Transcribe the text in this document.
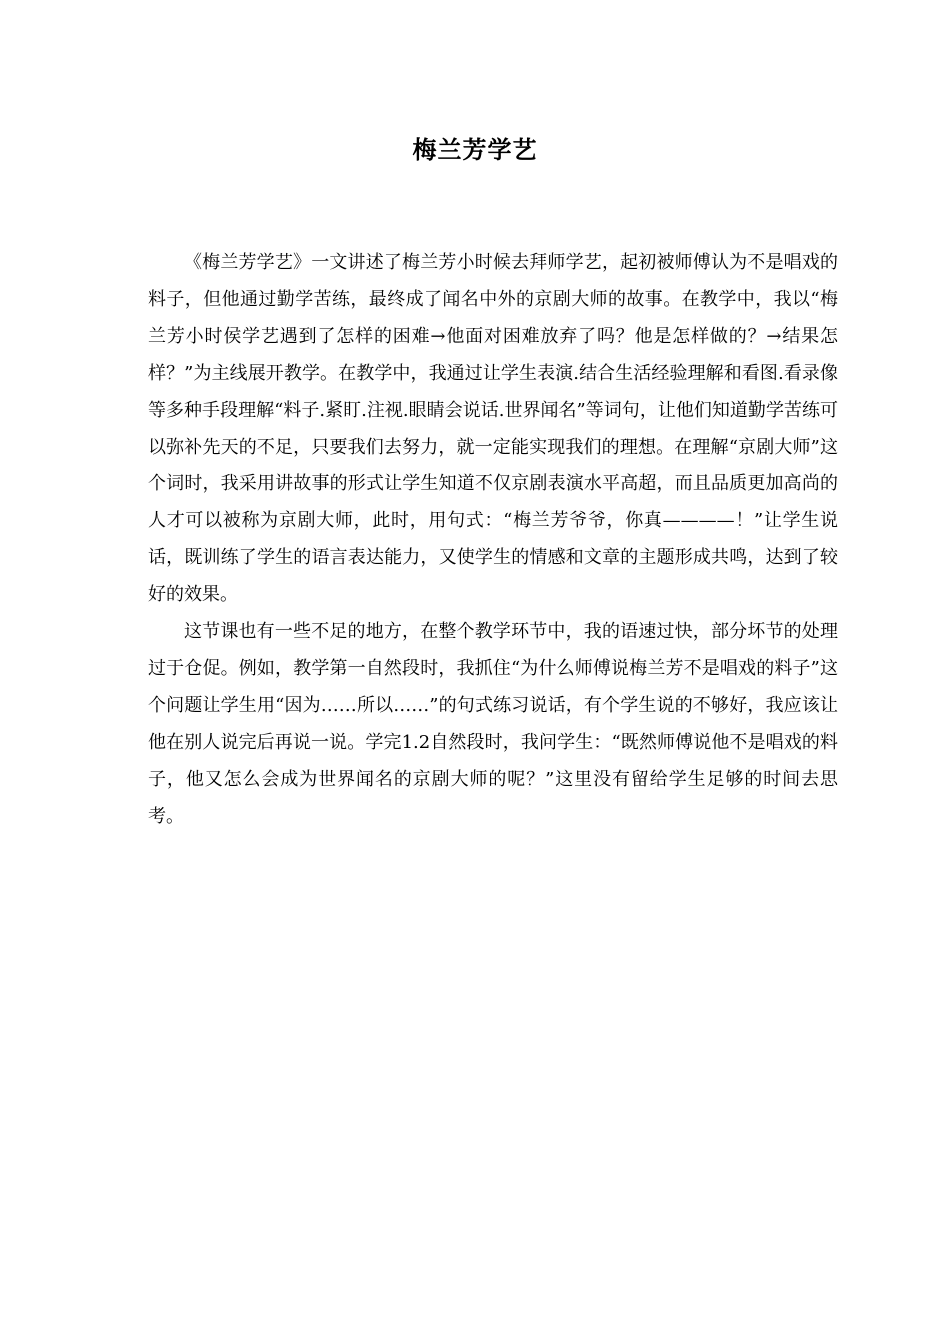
梅兰芳学艺

《梅兰芳学艺》一文讲述了梅兰芳小时候去拜师学艺，起初被师傅认为不是唱戏的料子，但他通过勤学苦练，最终成了闻名中外的京剧大师的故事。在教学中，我以“梅兰芳小时侯学艺遇到了怎样的困难→他面对困难放弃了吗？他是怎样做的？→结果怎样？”为主线展开教学。在教学中，我通过让学生表演.结合生活经验理解和看图.看录像等多种手段理解“料子.紧盯.注视.眼睛会说话.世界闻名”等词句，让他们知道勤学苦练可以弥补先天的不足，只要我们去努力，就一定能实现我们的理想。在理解“京剧大师”这个词时，我采用讲故事的形式让学生知道不仅京剧表演水平高超，而且品质更加高尚的人才可以被称为京剧大师，此时，用句式：“梅兰芳爷爷，你真————！”让学生说话，既训练了学生的语言表达能力，又使学生的情感和文章的主题形成共鸣，达到了较好的效果。

这节课也有一些不足的地方，在整个教学环节中，我的语速过快，部分坏节的处理过于仓促。例如，教学第一自然段时，我抓住“为什么师傅说梅兰芳不是唱戏的料子”这个问题让学生用“因为……所以……”的句式练习说话，有个学生说的不够好，我应该让他在别人说完后再说一说。学完1.2自然段时，我问学生：“既然师傅说他不是唱戏的料子，他又怎么会成为世界闻名的京剧大师的呢？”这里没有留给学生足够的时间去思考。
